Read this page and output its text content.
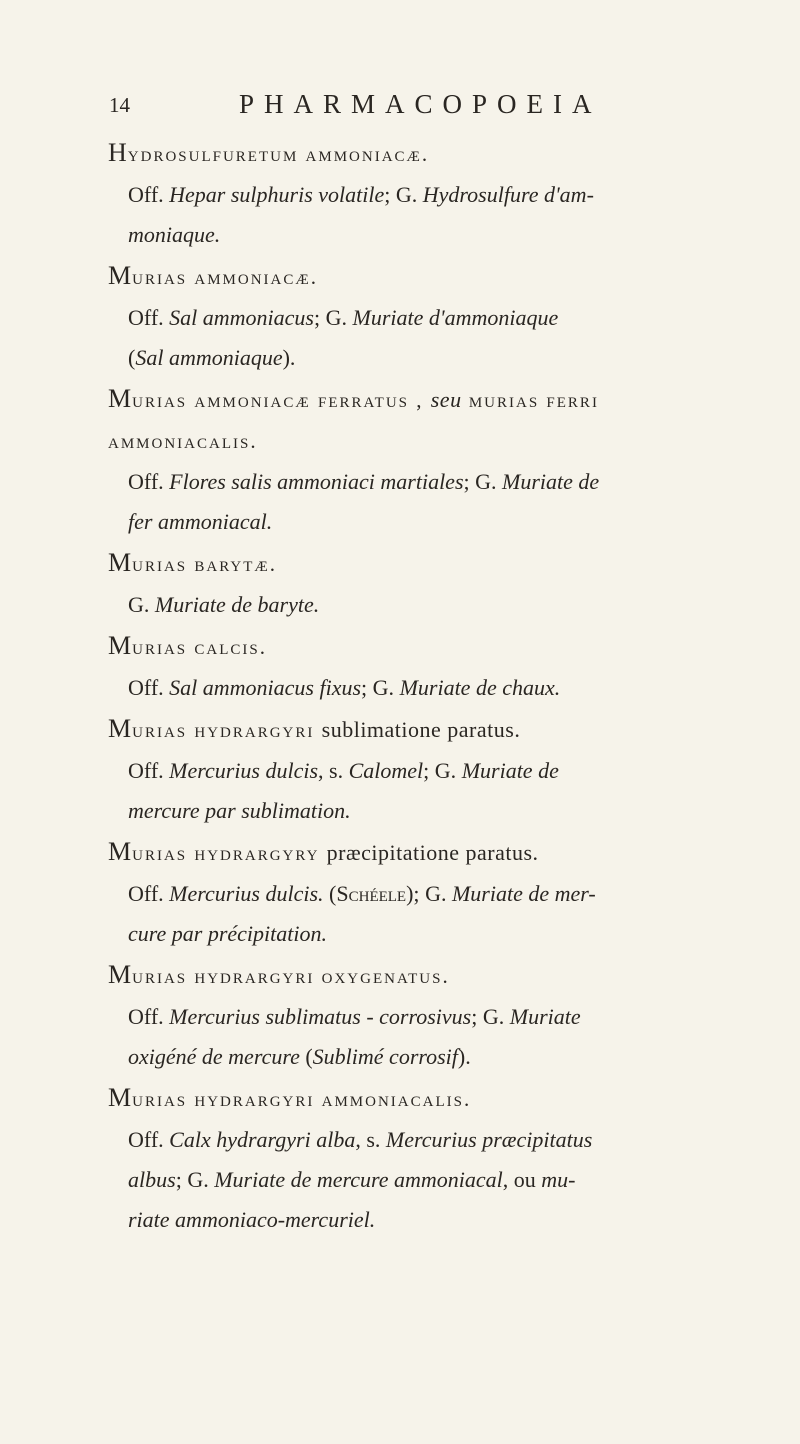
14	PHARMACOPOEIA
Hydrosulfuretum ammoniacæ.
Off. Hepar sulphuris volatile; G. Hydrosulfure d'am-
moniaque.
Murias ammoniacæ.
Off. Sal ammoniacus; G. Muriate d'ammoniaque
(Sal ammoniaque).
Murias ammoniacæ ferratus , seu murias ferri
ammoniacalis.
Off. Flores salis ammoniaci martiales; G. Muriate de
fer ammoniacal.
Murias barytæ.
G. Muriate de baryte.
Murias calcis.
Off. Sal ammoniacus fixus; G. Muriate de chaux.
Murias hydrargyri sublimatione paratus.
Off. Mercurius dulcis, s. Calomel; G. Muriate de
mercure par sublimation.
Murias hydrargyry præcipitatione paratus.
Off. Mercurius dulcis. (Schéele); G. Muriate de mer-
cure par précipitation.
Murias hydrargyri oxygenatus.
Off. Mercurius sublimatus - corrosivus; G. Muriate
oxigéné de mercure (Sublimé corrosif).
Murias hydrargyri ammoniacalis.
Off. Calx hydrargyri alba, s. Mercurius præcipitatus
albus; G. Muriate de mercure ammoniacal, ou mu-
riate ammoniaco-mercuriel.
